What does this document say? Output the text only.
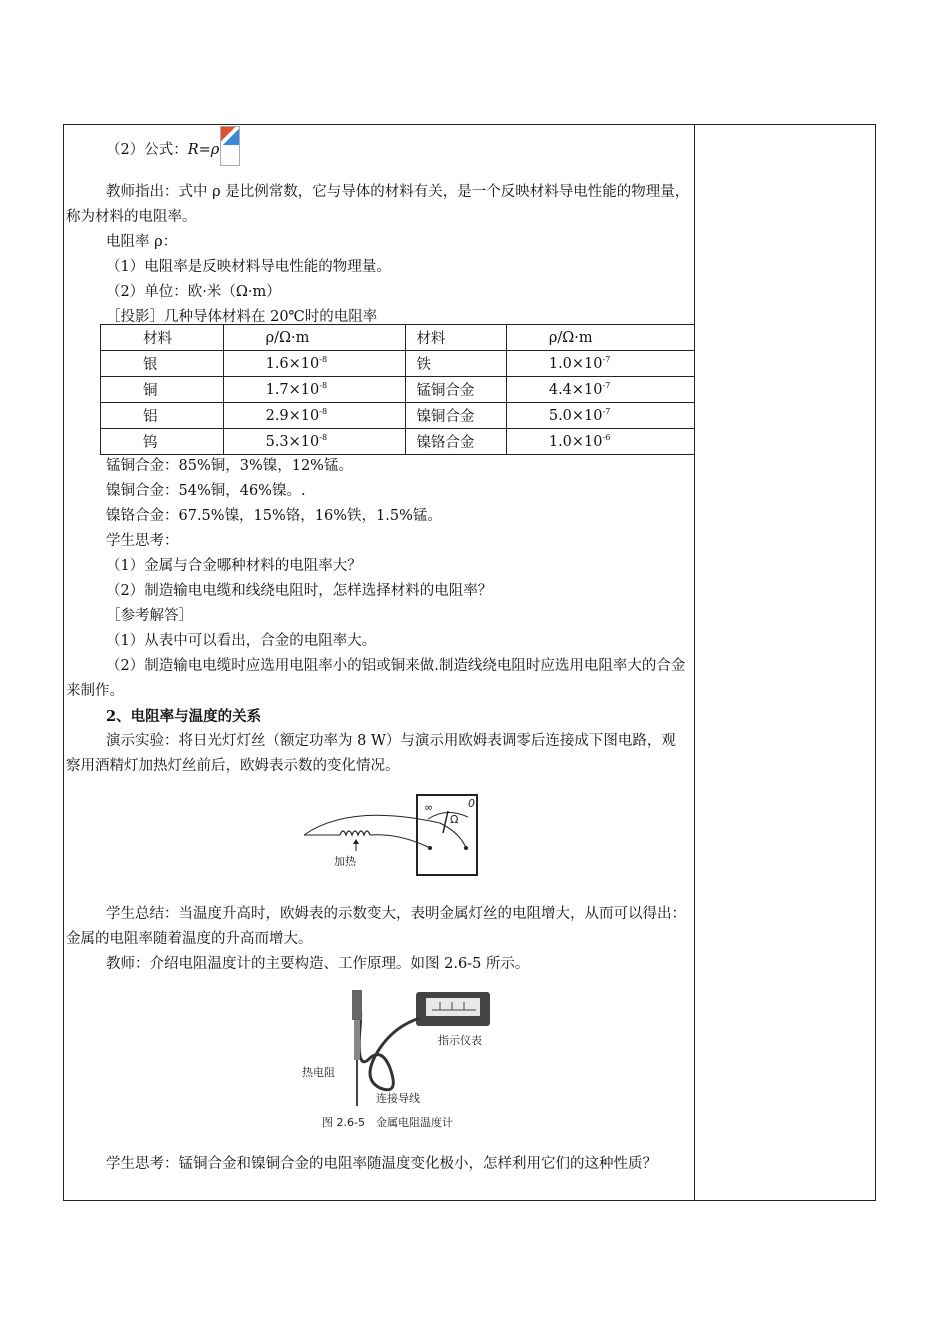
（2）公式： R=ρ

教师指出：式中 ρ 是比例常数，它与导体的材料有关，是一个反映材料导电性能的物理量，称为材料的电阻率。

电阻率 ρ：

（1）电阻率是反映材料导电性能的物理量。

（2）单位：欧·米（Ω·m）

［投影］几种导体材料在 20℃时的电阻率

材料	ρ/Ω·m	材料	ρ/Ω·m
银	$1.6\times 10^{-8}$	铁	$1.0\times 10^{-7}$
铜	$1.7\times 10^{-8}$	锰铜合金	$4.4\times 10^{-7}$
铝	$2.9\times 10^{-8}$	镍铜合金	$5.0\times 10^{-7}$
钨	$5.3\times 10^{-8}$	镍铬合金	$1.0\times 10^{-6}$

锰铜合金：85%铜，3%镍，12%锰。

镍铜合金：54%铜，46%镍。.

镍铬合金：67.5%镍，15%铬，16%铁，1.5%锰。

学生思考：

（1）金属与合金哪种材料的电阻率大？

（2）制造输电电缆和线绕电阻时，怎样选择材料的电阻率？

［参考解答］

（1）从表中可以看出，合金的电阻率大。

（2）制造输电电缆时应选用电阻率小的铝或铜来做.制造线绕电阻时应选用电阻率大的合金来制作。

2、电阻率与温度的关系

演示实验：将日光灯灯丝（额定功率为 8 W）与演示用欧姆表调零后连接成下图电路，观察用酒精灯加热灯丝前后，欧姆表示数的变化情况。

∞	0
Ω
加热

学生总结：当温度升高时，欧姆表的示数变大，表明金属灯丝的电阻增大，从而可以得出：金属的电阻率随着温度的升高而增大。

教师：介绍电阻温度计的主要构造、工作原理。如图 2.6-5 所示。

指示仪表
热电阻
连接导线
图 2.6-5　金属电阻温度计

学生思考：锰铜合金和镍铜合金的电阻率随温度变化极小，怎样利用它们的这种性质？
